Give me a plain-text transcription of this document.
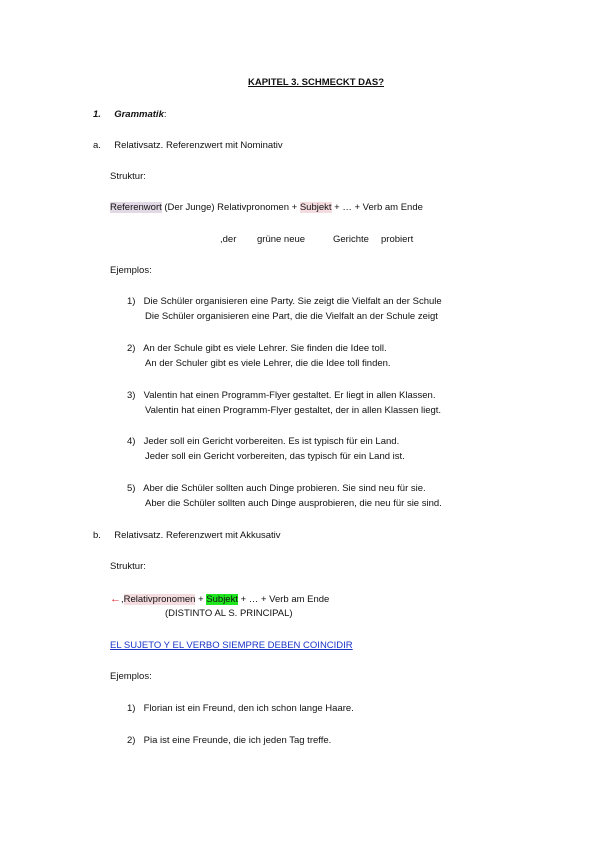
KAPITEL 3. SCHMECKT DAS?
1. Grammatik:
a. Relativsatz. Referenzwert mit Nominativ
Struktur:
Referenwort (Der Junge) Relativpronomen + Subjekt + … + Verb am Ende
,der grüne neue	Gerichte probiert
Ejemplos:
1) Die Schüler organisieren eine Party. Sie zeigt die Vielfalt an der Schule
Die Schüler organisieren eine Part, die die Vielfalt an der Schule zeigt
2) An der Schule gibt es viele Lehrer. Sie finden die Idee toll.
An der Schuler gibt es viele Lehrer, die die Idee toll finden.
3) Valentin hat einen Programm-Flyer gestaltet. Er liegt in allen Klassen.
Valentin hat einen Programm-Flyer gestaltet, der in allen Klassen liegt.
4) Jeder soll ein Gericht vorbereiten. Es ist typisch für ein Land.
Jeder soll ein Gericht vorbereiten, das typisch für ein Land ist.
5) Aber die Schüler sollten auch Dinge probieren. Sie sind neu für sie.
Aber die Schüler sollten auch Dinge ausprobieren, die neu für sie sind.
b. Relativsatz. Referenzwert mit Akkusativ
Struktur:
←,Relativpronomen + Subjekt + … + Verb am Ende
(DISTINTO AL S. PRINCIPAL)
EL SUJETO Y EL VERBO SIEMPRE DEBEN COINCIDIR
Ejemplos:
1) Florian ist ein Freund, den ich schon lange Haare.
2) Pia ist eine Freunde, die ich jeden Tag treffe.
